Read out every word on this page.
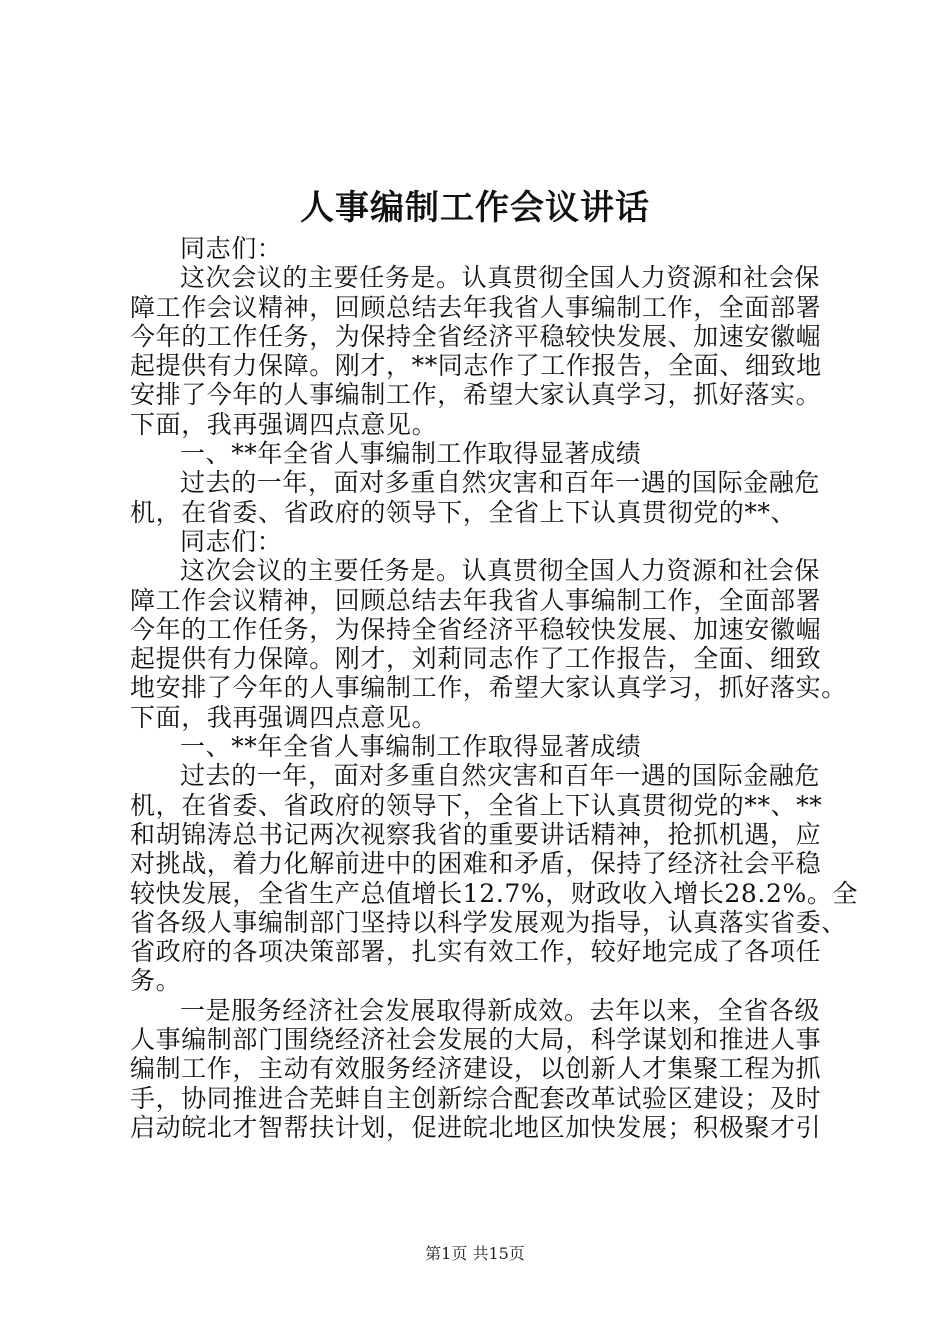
人事编制工作会议讲话
同志们：
这次会议的主要任务是。认真贯彻全国人力资源和社会保
障工作会议精神，回顾总结去年我省人事编制工作，全面部署
今年的工作任务，为保持全省经济平稳较快发展、加速安徽崛
起提供有力保障。刚才，**同志作了工作报告，全面、细致地
安排了今年的人事编制工作，希望大家认真学习，抓好落实。
下面，我再强调四点意见。
一、**年全省人事编制工作取得显著成绩
过去的一年，面对多重自然灾害和百年一遇的国际金融危
机，在省委、省政府的领导下，全省上下认真贯彻党的**、
同志们：
这次会议的主要任务是。认真贯彻全国人力资源和社会保
障工作会议精神，回顾总结去年我省人事编制工作，全面部署
今年的工作任务，为保持全省经济平稳较快发展、加速安徽崛
起提供有力保障。刚才，刘莉同志作了工作报告，全面、细致
地安排了今年的人事编制工作，希望大家认真学习，抓好落实。
下面，我再强调四点意见。
一、**年全省人事编制工作取得显著成绩
过去的一年，面对多重自然灾害和百年一遇的国际金融危
机，在省委、省政府的领导下，全省上下认真贯彻党的**、**
和胡锦涛总书记两次视察我省的重要讲话精神，抢抓机遇，应
对挑战，着力化解前进中的困难和矛盾，保持了经济社会平稳
较快发展，全省生产总值增长12.7%，财政收入增长28.2%。全
省各级人事编制部门坚持以科学发展观为指导，认真落实省委、
省政府的各项决策部署，扎实有效工作，较好地完成了各项任
务。
一是服务经济社会发展取得新成效。去年以来，全省各级
人事编制部门围绕经济社会发展的大局，科学谋划和推进人事
编制工作，主动有效服务经济建设，以创新人才集聚工程为抓
手，协同推进合芜蚌自主创新综合配套改革试验区建设；及时
启动皖北才智帮扶计划，促进皖北地区加快发展；积极聚才引
第1页 共15页
